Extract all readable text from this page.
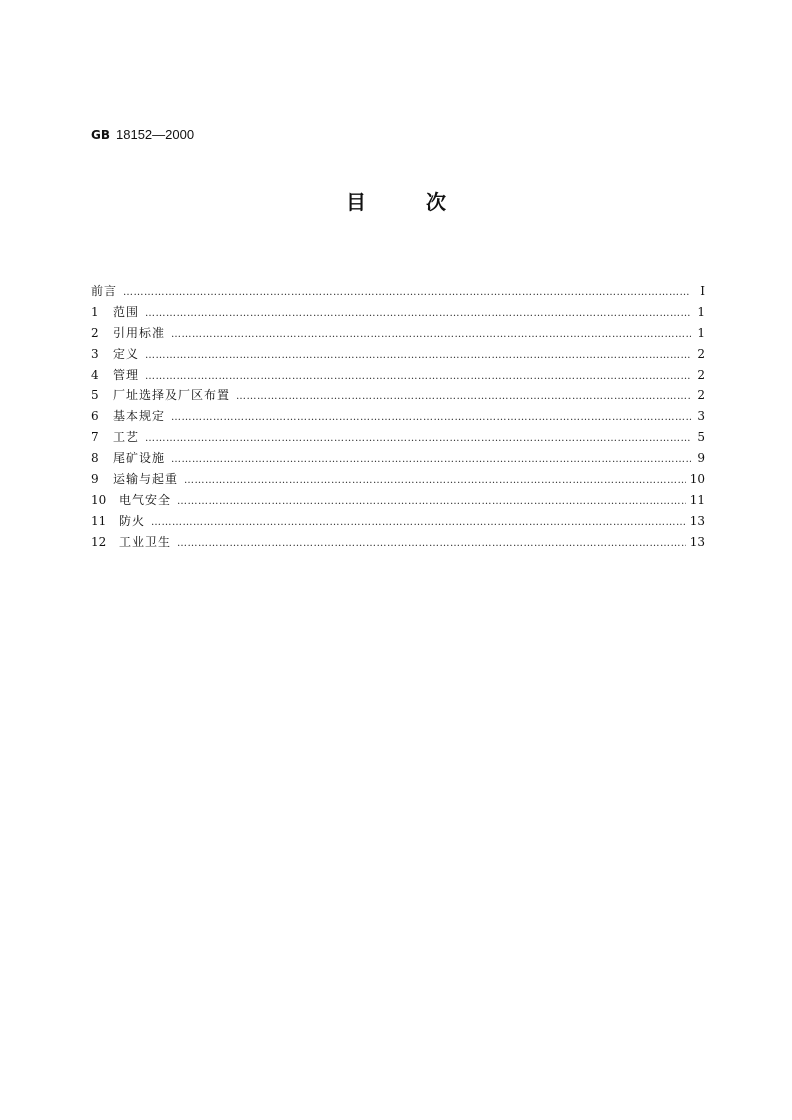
GB 18152—2000
目	次
前言 …………………………………………………………………………………………………………………………………………………………………………………………………………………………………	I
1	范围 …………………………………………………………………………………………………………………………………………………………………………………………………………………………………	1
2	引用标准 …………………………………………………………………………………………………………………………………………………………………………………………………………………………………	1
3	定义 …………………………………………………………………………………………………………………………………………………………………………………………………………………………………	2
4	管理 …………………………………………………………………………………………………………………………………………………………………………………………………………………………………	2
5	厂址选择及厂区布置 …………………………………………………………………………………………………………………………………………………………………………………………………………………………………	2
6	基本规定 …………………………………………………………………………………………………………………………………………………………………………………………………………………………………	3
7	工艺 …………………………………………………………………………………………………………………………………………………………………………………………………………………………………	5
8	尾矿设施 …………………………………………………………………………………………………………………………………………………………………………………………………………………………………	9
9	运输与起重 …………………………………………………………………………………………………………………………………………………………………………………………………………………………………	10
10	电气安全 …………………………………………………………………………………………………………………………………………………………………………………………………………………………………	11
11	防火 …………………………………………………………………………………………………………………………………………………………………………………………………………………………………	13
12	工业卫生 …………………………………………………………………………………………………………………………………………………………………………………………………………………………………	13
